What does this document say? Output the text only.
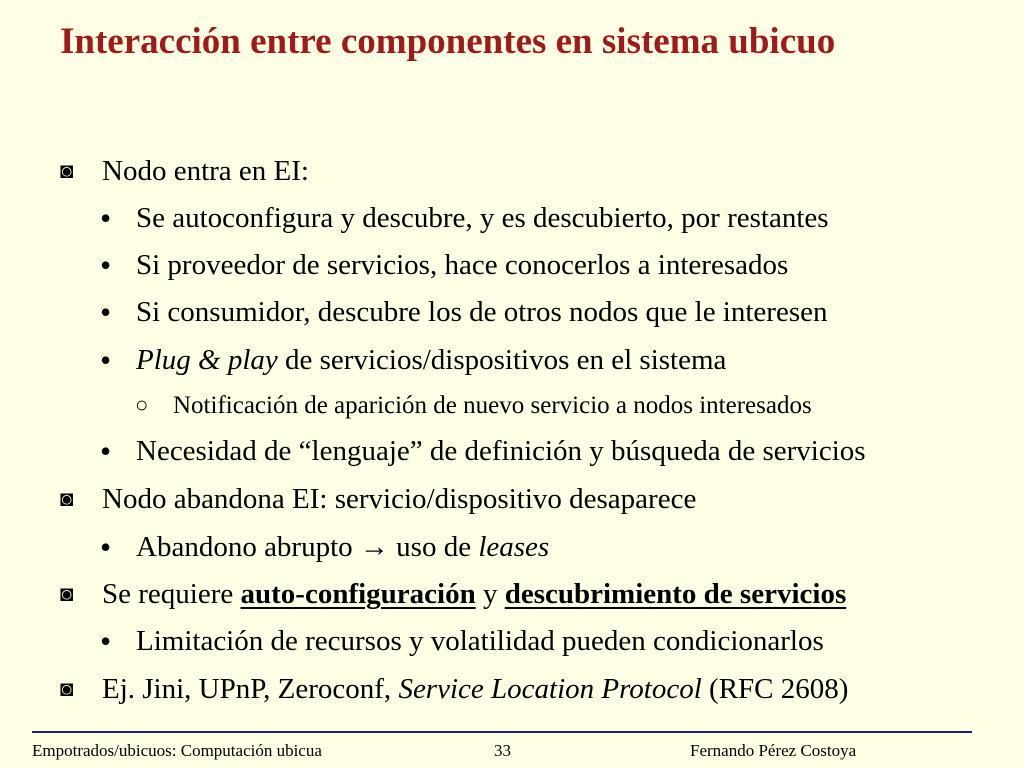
Interacción entre componentes en sistema ubicuo
◙ Nodo entra en EI:
• Se autoconfigura y descubre, y es descubierto, por restantes
• Si proveedor de servicios, hace conocerlos a interesados
• Si consumidor, descubre los de otros nodos que le interesen
• Plug & play de servicios/dispositivos en el sistema
○ Notificación de aparición de nuevo servicio a nodos interesados
• Necesidad de “lenguaje” de definición y búsqueda de servicios
◙ Nodo abandona EI: servicio/dispositivo desaparece
• Abandono abrupto → uso de leases
◙ Se requiere auto-configuración y descubrimiento de servicios
• Limitación de recursos y volatilidad pueden condicionarlos
◙ Ej. Jini, UPnP, Zeroconf, Service Location Protocol (RFC 2608)
Empotrados/ubicuos: Computación ubicua	33	Fernando Pérez Costoya
